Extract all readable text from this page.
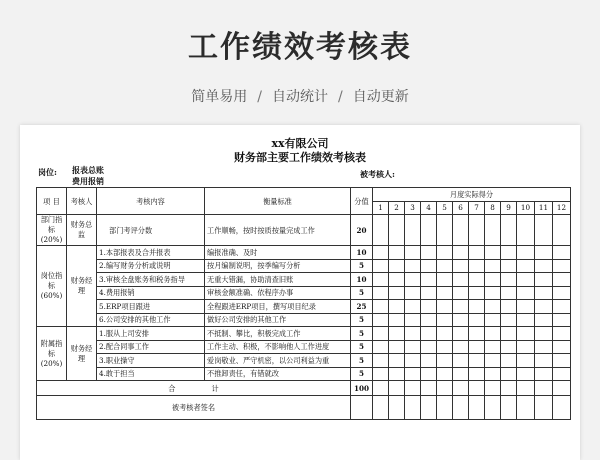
工作绩效考核表
简单易用 / 自动统计 / 自动更新
xx有限公司
财务部主要工作绩效考核表
岗位: 报表总账
费用报销
被考核人:
项 目	考核人	考核内容	衡量标准	分值	月度实际得分											
					1	2	3	4	5	6	7	8	9	10	11	12
部门指标(20%)	财务总监	部门考评分数	工作顺畅，按时按质按量完成工作	20												
岗位指标(60%)	财务经理	1.本部报表及合并报表	编报准确、及时	10												
		2.编写财务分析或说明	按月编制说明，按季编写分析	5												
		3.审核全盘账务和税务指导	无重大错漏，协助清查旧账	10												
		4.费用报销	审核金额准确、依程序办事	5												
		5.ERP项目跟进	全程跟进ERP项目，撰写项目纪录	25												
		6.公司安排的其他工作	做好公司安排的其他工作	5												
附属指标(20%)	财务经理	1.服从上司安排	不抵制、攀比，积极完成工作	5												
		2.配合同事工作	工作主动、积极，不影响他人工作进度	5												
		3.职业操守	爱岗敬业、严守机密，以公司利益为重	5												
		4.敢于担当	不推卸责任，有错就改	5												
合 计				100												
被考核者签名																
